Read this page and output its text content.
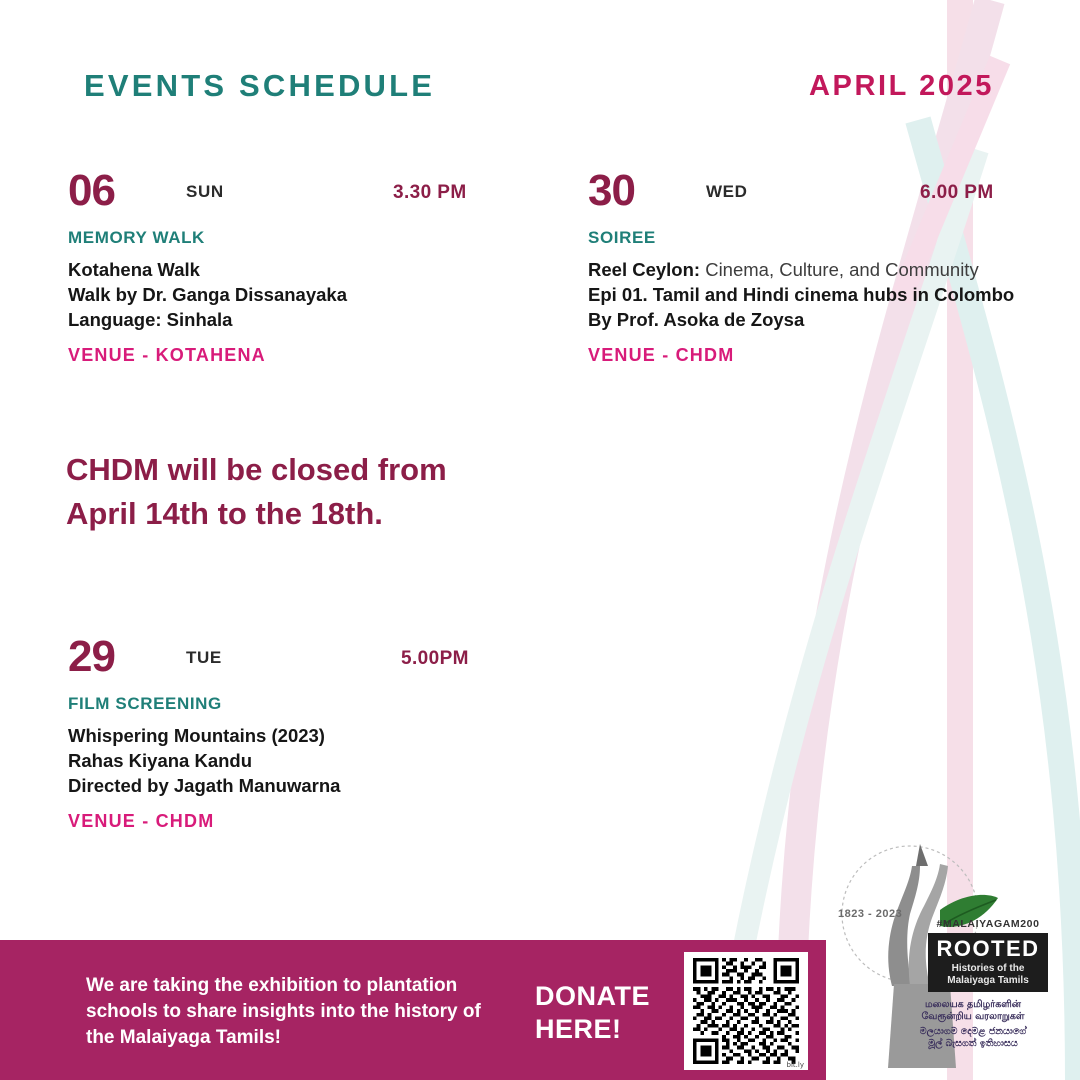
EVENTS SCHEDULE	APRIL 2025
06	SUN	3.30 PM
MEMORY WALK
Kotahena Walk
Walk by Dr. Ganga Dissanayaka
Language: Sinhala
VENUE - KOTAHENA
30	WED	6.00 PM
SOIREE
Reel Ceylon: Cinema, Culture, and Community
Epi 01. Tamil and Hindi cinema hubs in Colombo
By Prof. Asoka de Zoysa
VENUE - CHDM
CHDM will be closed from April 14th to the 18th.
29	TUE	5.00PM
FILM SCREENING
Whispering Mountains (2023)
Rahas Kiyana Kandu
Directed by Jagath Manuwarna
VENUE - CHDM
We are taking the exhibition to plantation schools to share insights into the history of the Malaiyaga Tamils!
DONATE
HERE!
bit.ly
1823 - 2023
#MALAIYAGAM200
ROOTED
Histories of the
Malaiyaga Tamils
மலையக தமிழர்களின்
வேரூன்றிய வரலாறுகள்
මලයාගම දෙමළ ජනයාගේ
මූල් බැසගත් ඉතිහාසය
